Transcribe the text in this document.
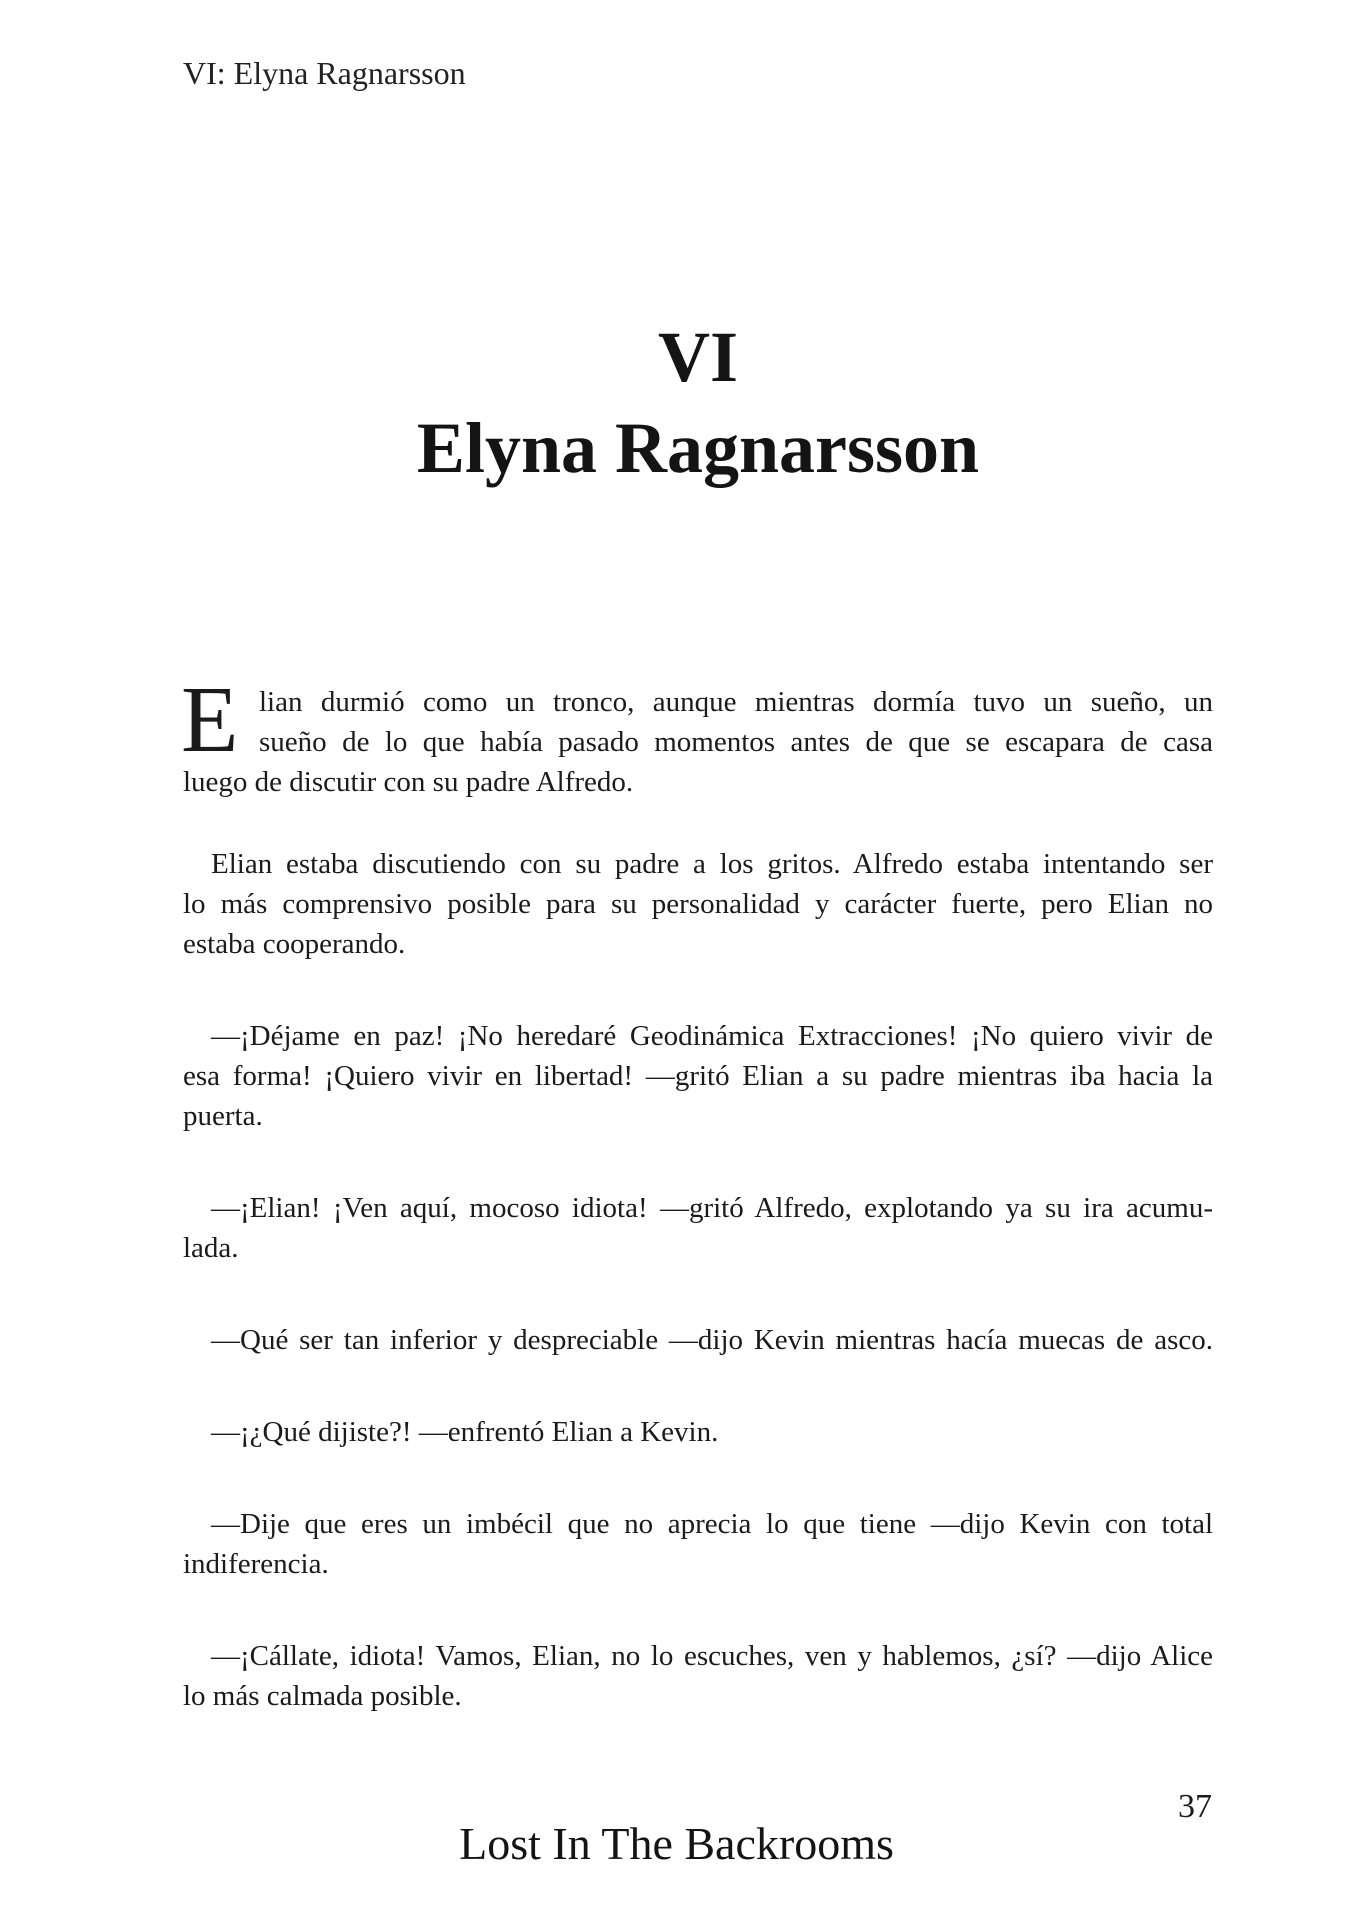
VI: Elyna Ragnarsson
VI
Elyna Ragnarsson
E lian durmió como un tronco, aunque mientras dormía tuvo un sueño, un
sueño de lo que había pasado momentos antes de que se escapara de casa
luego de discutir con su padre Alfredo.
Elian estaba discutiendo con su padre a los gritos. Alfredo estaba intentando ser
lo más comprensivo posible para su personalidad y carácter fuerte, pero Elian no
estaba cooperando.
—¡Déjame en paz! ¡No heredaré Geodinámica Extracciones! ¡No quiero vivir de
esa forma! ¡Quiero vivir en libertad! —gritó Elian a su padre mientras iba hacia la
puerta.
—¡Elian! ¡Ven aquí, mocoso idiota! —gritó Alfredo, explotando ya su ira acumu-
lada.
—Qué ser tan inferior y despreciable —dijo Kevin mientras hacía muecas de asco.
—¡¿Qué dijiste?! —enfrentó Elian a Kevin.
—Dije que eres un imbécil que no aprecia lo que tiene —dijo Kevin con total
indiferencia.
—¡Cállate, idiota! Vamos, Elian, no lo escuches, ven y hablemos, ¿sí? —dijo Alice
lo más calmada posible.
Lost In The Backrooms
37
